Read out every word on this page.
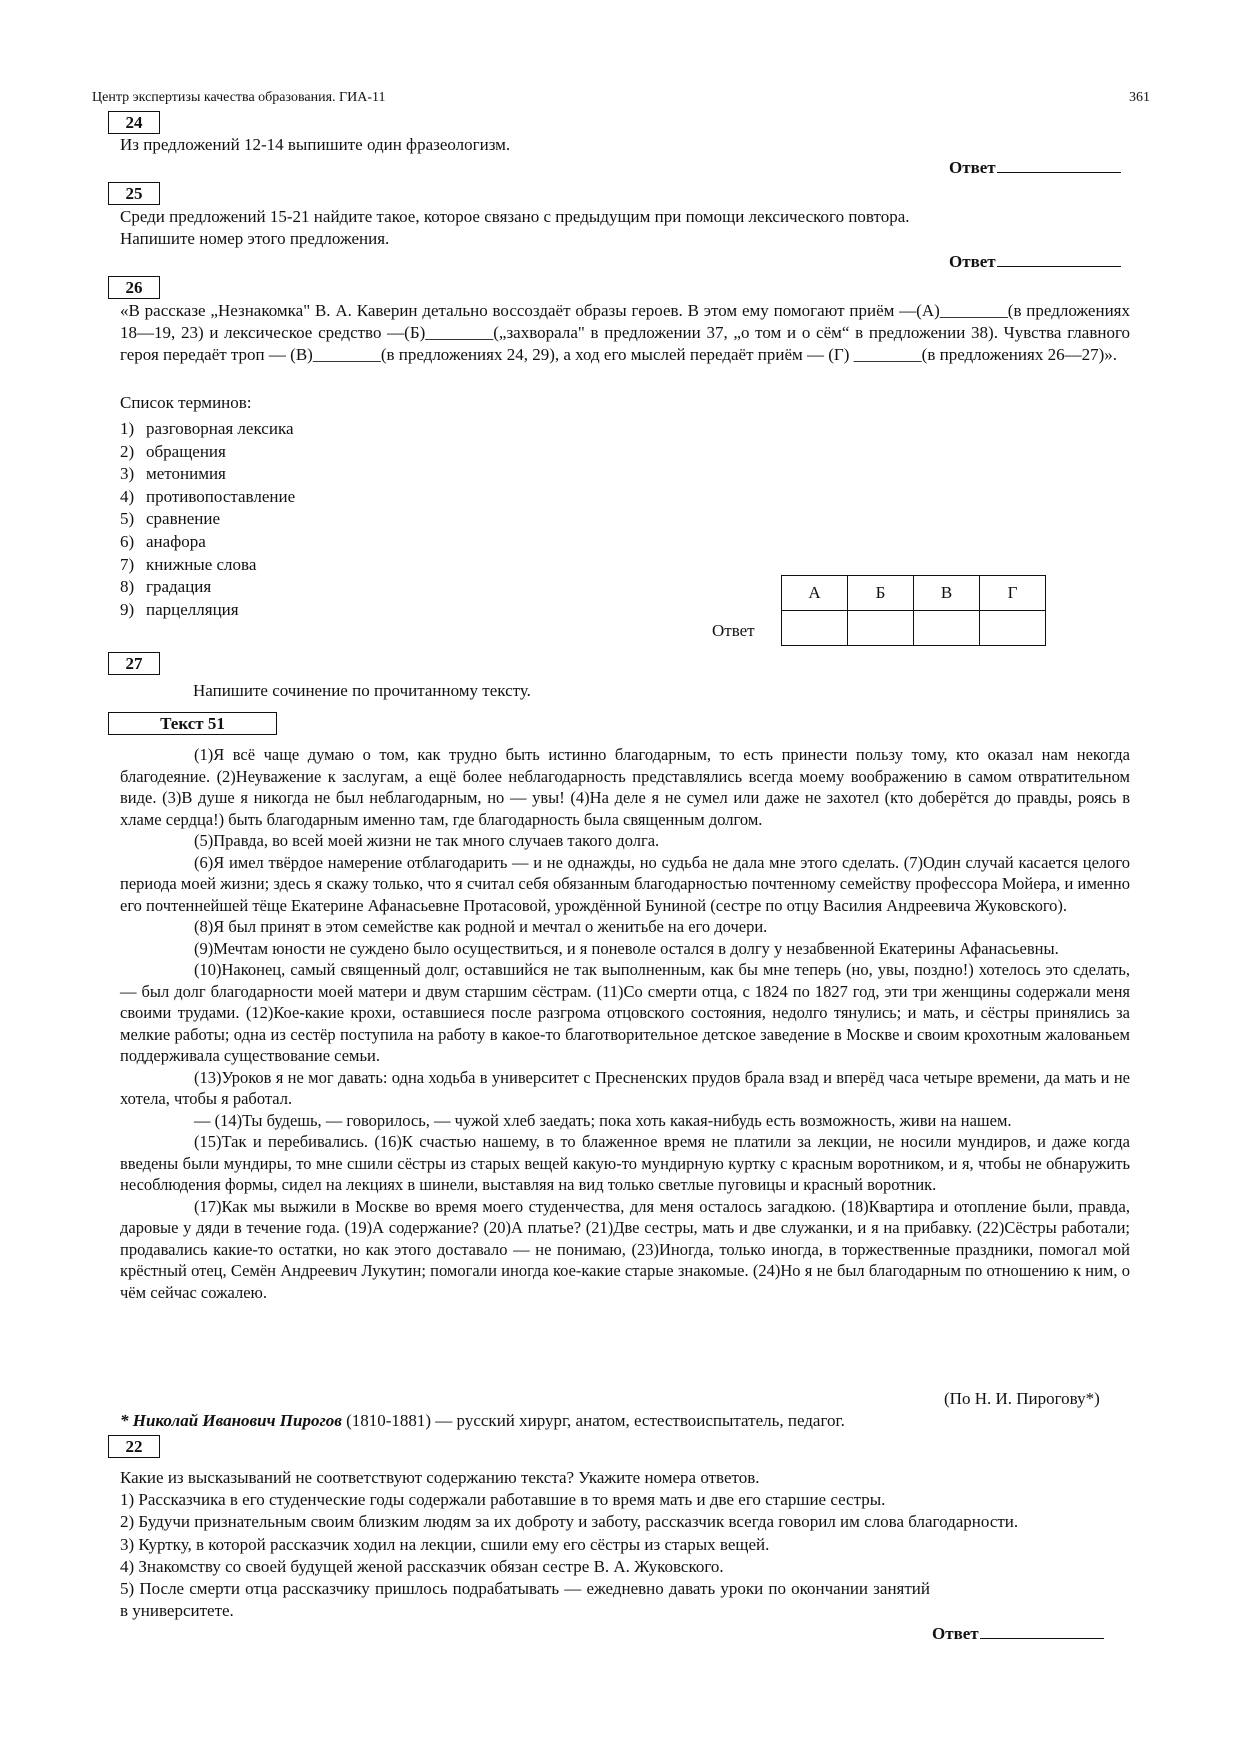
Центр экспертизы качества образования. ГИА-11	361
24
Из предложений 12-14 выпишите один фразеологизм.
Ответ
25
Среди предложений 15-21 найдите такое, которое связано с предыдущим при помощи лексического повтора.
Напишите номер этого предложения.
Ответ
26
«В рассказе „Незнакомка" В. А. Каверин детально воссоздаёт образы героев. В этом ему помогают приём —(А)________(в предложениях 18—19, 23) и лексическое средство —(Б)________(„захворала" в предложении 37, „о том и о сём“ в предложении 38). Чувства главного героя передаёт троп — (В)________(в предложениях 24, 29), а ход его мыслей передаёт приём — (Г) ________(в предложениях 26—27)».
Список терминов:
1) разговорная лексика
2) обращения
3) метонимия
4) противопоставление
5) сравнение
6) анафора
7) книжные слова
8) градация
9) парцелляция
Ответ
А	Б	В	Г

27
Напишите сочинение по прочитанному тексту.
Текст 51

(1)Я всё чаще думаю о том, как трудно быть истинно благодарным, то есть принести пользу тому, кто оказал нам некогда благодеяние. (2)Неуважение к заслугам, а ещё более неблагодарность представлялись всегда моему воображению в самом отвратительном виде. (3)В душе я никогда не был неблагодарным, но — увы! (4)На деле я не сумел или даже не захотел (кто доберётся до правды, роясь в хламе сердца!) быть благодарным именно там, где благодарность была священным долгом.

(5)Правда, во всей моей жизни не так много случаев такого долга.

(6)Я имел твёрдое намерение отблагодарить — и не однажды, но судьба не дала мне этого сделать. (7)Один случай касается целого периода моей жизни; здесь я скажу только, что я считал себя обязанным благодарностью почтенному семейству профессора Мойера, и именно его почтеннейшей тёще Екатерине Афанасьевне Протасовой, урождённой Буниной (сестре по отцу Василия Андреевича Жуковского).

(8)Я был принят в этом семействе как родной и мечтал о женитьбе на его дочери.

(9)Мечтам юности не суждено было осуществиться, и я поневоле остался в долгу у незабвенной Екатерины Афанасьевны.

(10)Наконец, самый священный долг, оставшийся не так выполненным, как бы мне теперь (но, увы, поздно!) хотелось это сделать, — был долг благодарности моей матери и двум старшим сёстрам. (11)Со смерти отца, с 1824 по 1827 год, эти три женщины содержали меня своими трудами. (12)Кое-какие крохи, оставшиеся после разгрома отцовского состояния, недолго тянулись; и мать, и сёстры принялись за мелкие работы; одна из сестёр поступила на работу в какое-то благотворительное детское заведение в Москве и своим крохотным жалованьем поддерживала существование семьи.

(13)Уроков я не мог давать: одна ходьба в университет с Пресненских прудов брала взад и вперёд часа четыре времени, да мать и не хотела, чтобы я работал.

— (14)Ты будешь, — говорилось, — чужой хлеб заедать; пока хоть какая-нибудь есть возможность, живи на нашем.

(15)Так и перебивались. (16)К счастью нашему, в то блаженное время не платили за лекции, не носили мундиров, и даже когда введены были мундиры, то мне сшили сёстры из старых вещей какую-то мундирную куртку с красным воротником, и я, чтобы не обнаружить несоблюдения формы, сидел на лекциях в шинели, выставляя на вид только светлые пуговицы и красный воротник.

(17)Как мы выжили в Москве во время моего студенчества, для меня осталось загадкою. (18)Квартира и отопление были, правда, даровые у дяди в течение года. (19)А содержание? (20)А платье? (21)Две сестры, мать и две служанки, и я на прибавку. (22)Сёстры работали; продавались какие-то остатки, но как этого доставало — не понимаю, (23)Иногда, только иногда, в торжественные праздники, помогал мой крёстный отец, Семён Андреевич Лукутин; помогали иногда кое-какие старые знакомые. (24)Но я не был благодарным по отношению к ним, о чём сейчас сожалею.

(По Н. И. Пирогову*)
* Николай Иванович Пирогов (1810-1881) — русский хирург, анатом, естествоиспытатель, педагог.
22

Какие из высказываний не соответствуют содержанию текста? Укажите номера ответов.

1) Рассказчика в его студенческие годы содержали работавшие в то время мать и две его старшие сестры.

2) Будучи признательным своим близким людям за их доброту и заботу, рассказчик всегда говорил им слова благодарности.

3) Куртку, в которой рассказчик ходил на лекции, сшили ему его сёстры из старых вещей.

4) Знакомству со своей будущей женой рассказчик обязан сестре В. А. Жуковского.

5) После смерти отца рассказчику пришлось подрабатывать — ежедневно давать уроки по окончании занятий в университете.

Ответ
